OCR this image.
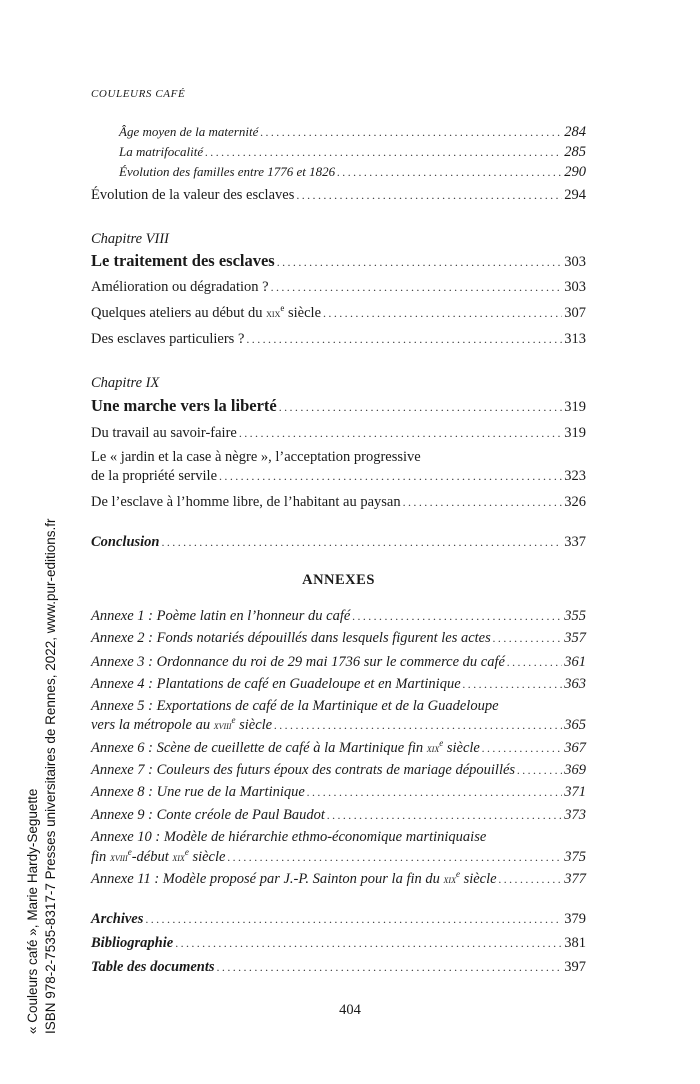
COULEURS CAFÉ
Âge moyen de la maternité .....	284
La matrifocalité .....	285
Évolution des familles entre 1776 et 1826 .....	290
Évolution de la valeur des esclaves .....	294
Chapitre VIII
Le traitement des esclaves .....	303
Amélioration ou dégradation ? .....	303
Quelques ateliers au début du xix$^e$ siècle .....	307
Des esclaves particuliers ? .....	313
Chapitre IX
Une marche vers la liberté .....	319
Du travail au savoir-faire .....	319
Le « jardin et la case à nègre », l’acceptation progressive
de la propriété servile .....	323
De l’esclave à l’homme libre, de l’habitant au paysan .....	326
Conclusion .....	337
ANNEXES
Annexe 1 : Poème latin en l’honneur du café .....	355
Annexe 2 : Fonds notariés dépouillés dans lesquels figurent les actes .....	357
Annexe 3 : Ordonnance du roi de 29 mai 1736 sur le commerce du café .....	361
Annexe 4 : Plantations de café en Guadeloupe et en Martinique .....	363
Annexe 5 : Exportations de café de la Martinique et de la Guadeloupe
vers la métropole au xviii$^e$ siècle .....	365
Annexe 6 : Scène de cueillette de café à la Martinique fin xix$^e$ siècle .....	367
Annexe 7 : Couleurs des futurs époux des contrats de mariage dépouillés .....	369
Annexe 8 : Une rue de la Martinique .....	371
Annexe 9 : Conte créole de Paul Baudot .....	373
Annexe 10 : Modèle de hiérarchie ethmo-économique martiniquaise
fin xviii$^e$-début xix$^e$ siècle .....	375
Annexe 11 : Modèle proposé par J.-P. Sainton pour la fin du xix$^e$ siècle .....	377
Archives .....	379
Bibliographie .....	381
Table des documents .....	397
404
« Couleurs café », Marie Hardy-Seguette ISBN 978-2-7535-8317-7 Presses universitaires de Rennes, 2022, www.pur-editions.fr
